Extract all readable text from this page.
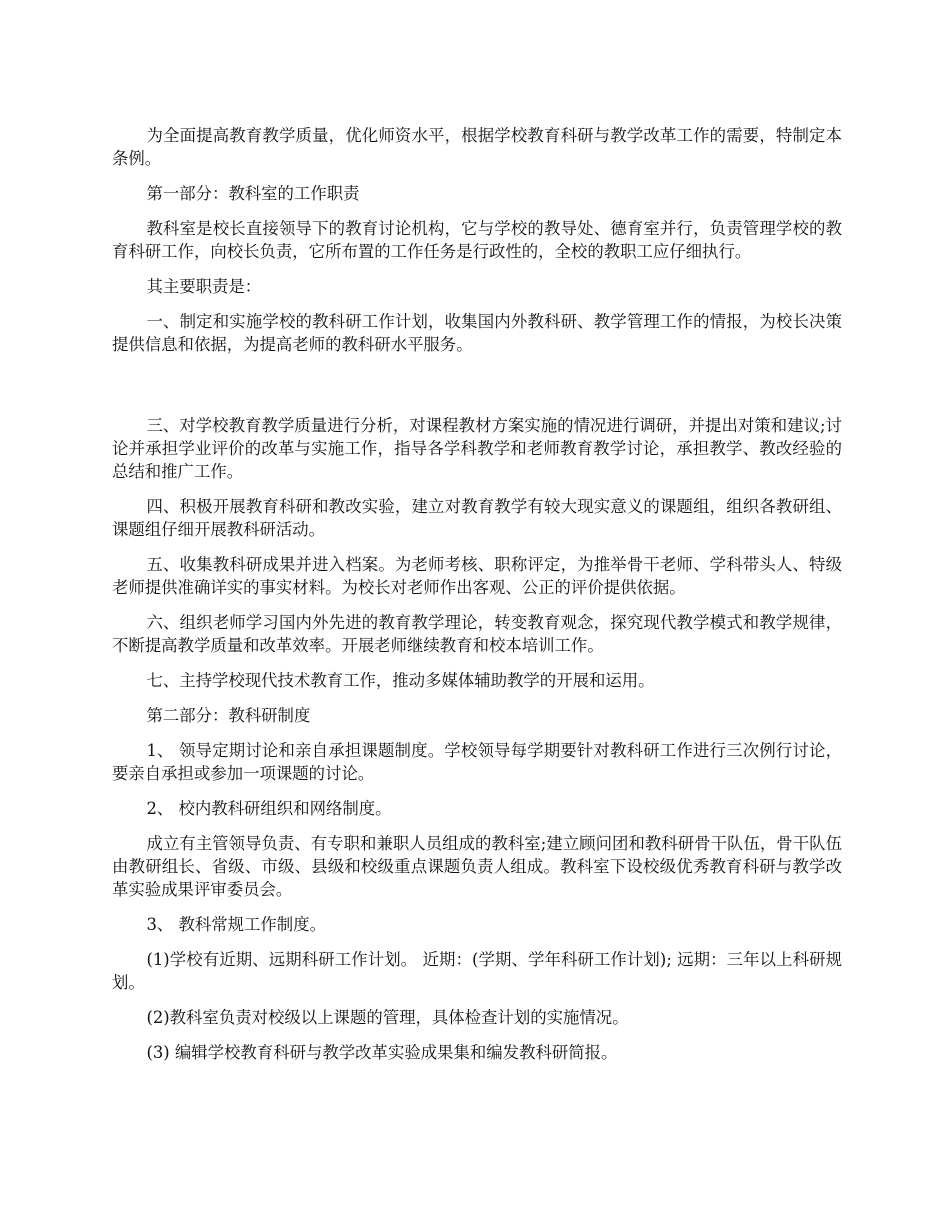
为全面提高教育教学质量，优化师资水平，根据学校教育科研与教学改革工作的需要，特制定本条例。

第一部分：教科室的工作职责

教科室是校长直接领导下的教育讨论机构，它与学校的教导处、德育室并行，负责管理学校的教育科研工作，向校长负责，它所布置的工作任务是行政性的，全校的教职工应仔细执行。

其主要职责是：

一、制定和实施学校的教科研工作计划，收集国内外教科研、教学管理工作的情报，为校长决策提供信息和依据，为提高老师的教科研水平服务。

三、对学校教育教学质量进行分析，对课程教材方案实施的情况进行调研，并提出对策和建议;讨论并承担学业评价的改革与实施工作，指导各学科教学和老师教育教学讨论，承担教学、教改经验的总结和推广工作。

四、积极开展教育科研和教改实验，建立对教育教学有较大现实意义的课题组，组织各教研组、课题组仔细开展教科研活动。

五、收集教科研成果并进入档案。为老师考核、职称评定，为推举骨干老师、学科带头人、特级老师提供准确详实的事实材料。为校长对老师作出客观、公正的评价提供依据。

六、组织老师学习国内外先进的教育教学理论，转变教育观念，探究现代教学模式和教学规律，不断提高教学质量和改革效率。开展老师继续教育和校本培训工作。

七、主持学校现代技术教育工作，推动多媒体辅助教学的开展和运用。

第二部分：教科研制度

1、 领导定期讨论和亲自承担课题制度。学校领导每学期要针对教科研工作进行三次例行讨论，要亲自承担或参加一项课题的讨论。

2、 校内教科研组织和网络制度。

成立有主管领导负责、有专职和兼职人员组成的教科室;建立顾问团和教科研骨干队伍，骨干队伍由教研组长、省级、市级、县级和校级重点课题负责人组成。教科室下设校级优秀教育科研与教学改革实验成果评审委员会。

3、 教科常规工作制度。

(1)学校有近期、远期科研工作计划。 近期：(学期、学年科研工作计划); 远期：三年以上科研规划。

(2)教科室负责对校级以上课题的管理，具体检查计划的实施情况。

(3) 编辑学校教育科研与教学改革实验成果集和编发教科研简报。
